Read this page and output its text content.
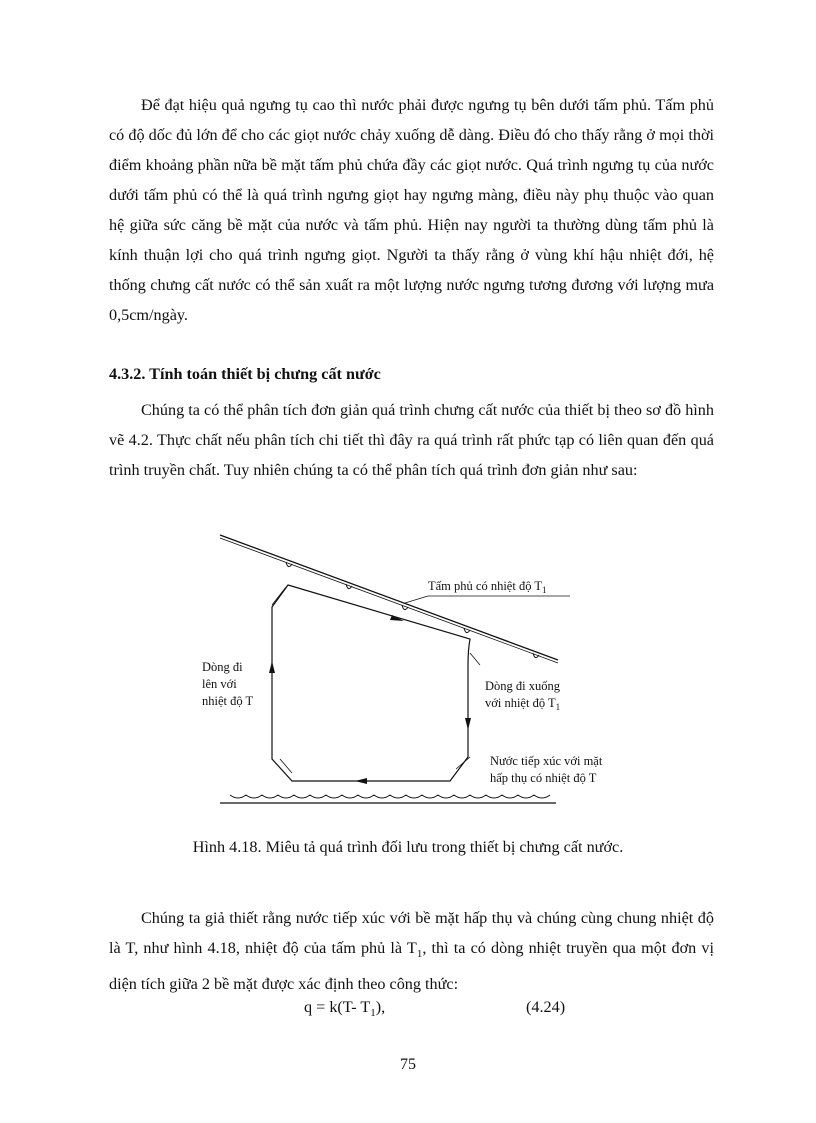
Để đạt hiệu quả ngưng tụ cao thì nước phải được ngưng tụ bên dưới tấm phủ. Tấm phủ có độ dốc đủ lớn để cho các giọt nước chảy xuống dễ dàng. Điều đó cho thấy rằng ở mọi thời điểm khoảng phần nữa bề mặt tấm phủ chứa đầy các giọt nước. Quá trình ngưng tụ của nước dưới tấm phủ có thể là quá trình ngưng giọt hay ngưng màng, điều này phụ thuộc vào quan hệ giữa sức căng bề mặt của nước và tấm phủ. Hiện nay người ta thường dùng tấm phủ là kính thuận lợi cho quá trình ngưng giọt. Người ta thấy rằng ở vùng khí hậu nhiệt đới, hệ thống chưng cất nước có thể sản xuất ra một lượng nước ngưng tương đương với lượng mưa 0,5cm/ngày.

4.3.2. Tính toán thiết bị chưng cất nước

Chúng ta có thể phân tích đơn giản quá trình chưng cất nước của thiết bị theo sơ đồ hình vẽ 4.2. Thực chất nếu phân tích chi tiết thì đây ra quá trình rất phức tạp có liên quan đến quá trình truyền chất. Tuy nhiên chúng ta có thể phân tích quá trình đơn giản như sau:

Tấm phủ có nhiệt độ $T_1$
Dòng đi
lên với
nhiệt độ T
Dòng đi xuống
với nhiệt độ $T_1$
Nước tiếp xúc với mặt
hấp thụ có nhiệt độ T

Hình 4.18. Miêu tả quá trình đối lưu trong thiết bị chưng cất nước.

Chúng ta giả thiết rằng nước tiếp xúc với bề mặt hấp thụ và chúng cùng chung nhiệt độ là T, như hình 4.18, nhiệt độ của tấm phủ là $T_1$, thì ta có dòng nhiệt truyền qua một đơn vị diện tích giữa 2 bề mặt được xác định theo công thức:

q = k(T- $T_1$),	(4.24)
75
